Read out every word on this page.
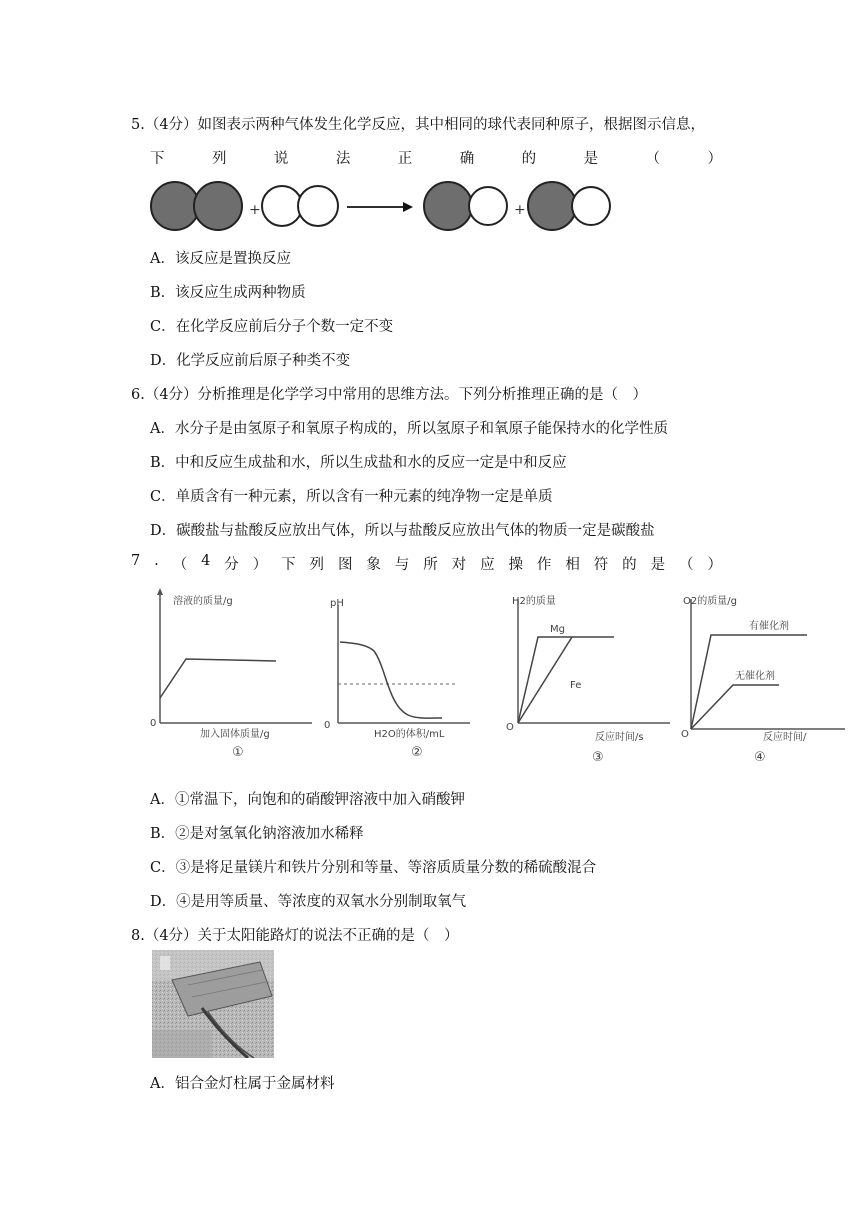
5.（4分）如图表示两种气体发生化学反应，其中相同的球代表同种原子，根据图示信息，
下	列	说	法	正	确	的	是	（	）
+	+
A．该反应是置换反应
B．该反应生成两种物质
C．在化学反应前后分子个数一定不变
D．化学反应前后原子种类不变
6.（4分）分析推理是化学学习中常用的思维方法。下列分析推理正确的是（　）
A．水分子是由氢原子和氧原子构成的，所以氢原子和氧原子能保持水的化学性质
B．中和反应生成盐和水，所以生成盐和水的反应一定是中和反应
C．单质含有一种元素，所以含有一种元素的纯净物一定是单质
D．碳酸盐与盐酸反应放出气体，所以与盐酸反应放出气体的物质一定是碳酸盐
7 . （ 4 分 ） 下 列 图 象 与 所 对 应 操 作 相 符 的 是 （ ）
溶液的质量/g
0
加入固体质量/g
①
pH
0
H2O的体积/mL
②
H2的质量
O
Mg
Fe
反应时间/s
③
O2的质量/g
O
有催化剂
无催化剂
反应时间/
④
A．①常温下，向饱和的硝酸钾溶液中加入硝酸钾
B．②是对氢氧化钠溶液加水稀释
C．③是将足量镁片和铁片分别和等量、等溶质质量分数的稀硫酸混合
D．④是用等质量、等浓度的双氧水分别制取氧气
8.（4分）关于太阳能路灯的说法不正确的是（　）
A．铝合金灯柱属于金属材料
